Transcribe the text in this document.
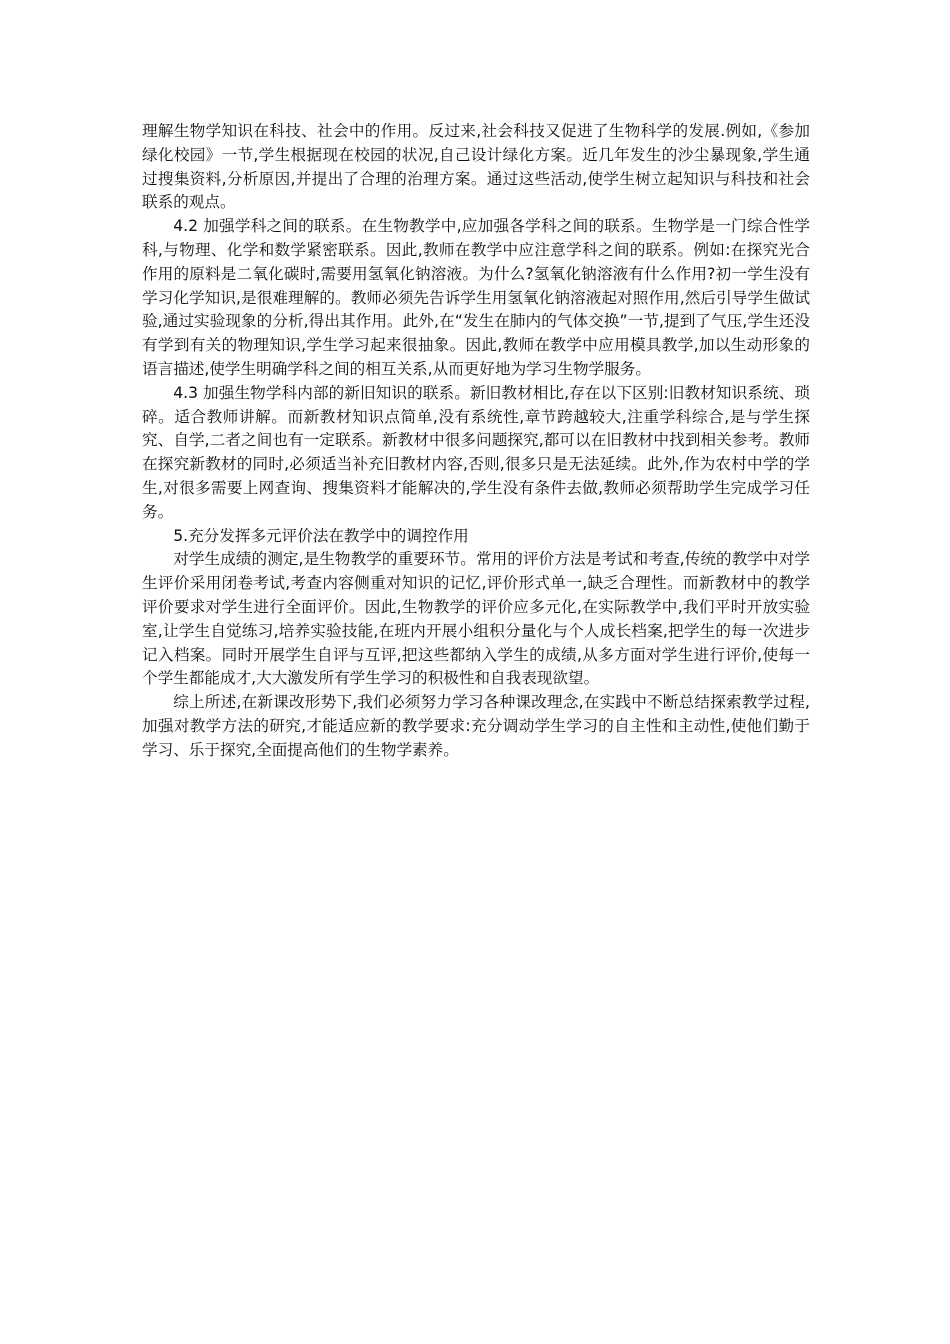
理解生物学知识在科技、社会中的作用。反过来,社会科技又促进了生物科学的发展.例如,《参加绿化校园》一节,学生根据现在校园的状况,自己设计绿化方案。近几年发生的沙尘暴现象,学生通过搜集资料,分析原因,并提出了合理的治理方案。通过这些活动,使学生树立起知识与科技和社会联系的观点。

4.2 加强学科之间的联系。在生物教学中,应加强各学科之间的联系。生物学是一门综合性学科,与物理、化学和数学紧密联系。因此,教师在教学中应注意学科之间的联系。例如:在探究光合作用的原料是二氧化碳时,需要用氢氧化钠溶液。为什么?氢氧化钠溶液有什么作用?初一学生没有学习化学知识,是很难理解的。教师必须先告诉学生用氢氧化钠溶液起对照作用,然后引导学生做试验,通过实验现象的分析,得出其作用。此外,在“发生在肺内的气体交换”一节,提到了气压,学生还没有学到有关的物理知识,学生学习起来很抽象。因此,教师在教学中应用模具教学,加以生动形象的语言描述,使学生明确学科之间的相互关系,从而更好地为学习生物学服务。

4.3 加强生物学科内部的新旧知识的联系。新旧教材相比,存在以下区别:旧教材知识系统、琐碎。适合教师讲解。而新教材知识点简单,没有系统性,章节跨越较大,注重学科综合,是与学生探究、自学,二者之间也有一定联系。新教材中很多问题探究,都可以在旧教材中找到相关参考。教师在探究新教材的同时,必须适当补充旧教材内容,否则,很多只是无法延续。此外,作为农村中学的学生,对很多需要上网查询、搜集资料才能解决的,学生没有条件去做,教师必须帮助学生完成学习任务。

5.充分发挥多元评价法在教学中的调控作用

对学生成绩的测定,是生物教学的重要环节。常用的评价方法是考试和考查,传统的教学中对学生评价采用闭卷考试,考查内容侧重对知识的记忆,评价形式单一,缺乏合理性。而新教材中的教学评价要求对学生进行全面评价。因此,生物教学的评价应多元化,在实际教学中,我们平时开放实验室,让学生自觉练习,培养实验技能,在班内开展小组积分量化与个人成长档案,把学生的每一次进步记入档案。同时开展学生自评与互评,把这些都纳入学生的成绩,从多方面对学生进行评价,使每一个学生都能成才,大大激发所有学生学习的积极性和自我表现欲望。

综上所述,在新课改形势下,我们必须努力学习各种课改理念,在实践中不断总结探索教学过程,加强对教学方法的研究,才能适应新的教学要求:充分调动学生学习的自主性和主动性,使他们勤于学习、乐于探究,全面提高他们的生物学素养。
